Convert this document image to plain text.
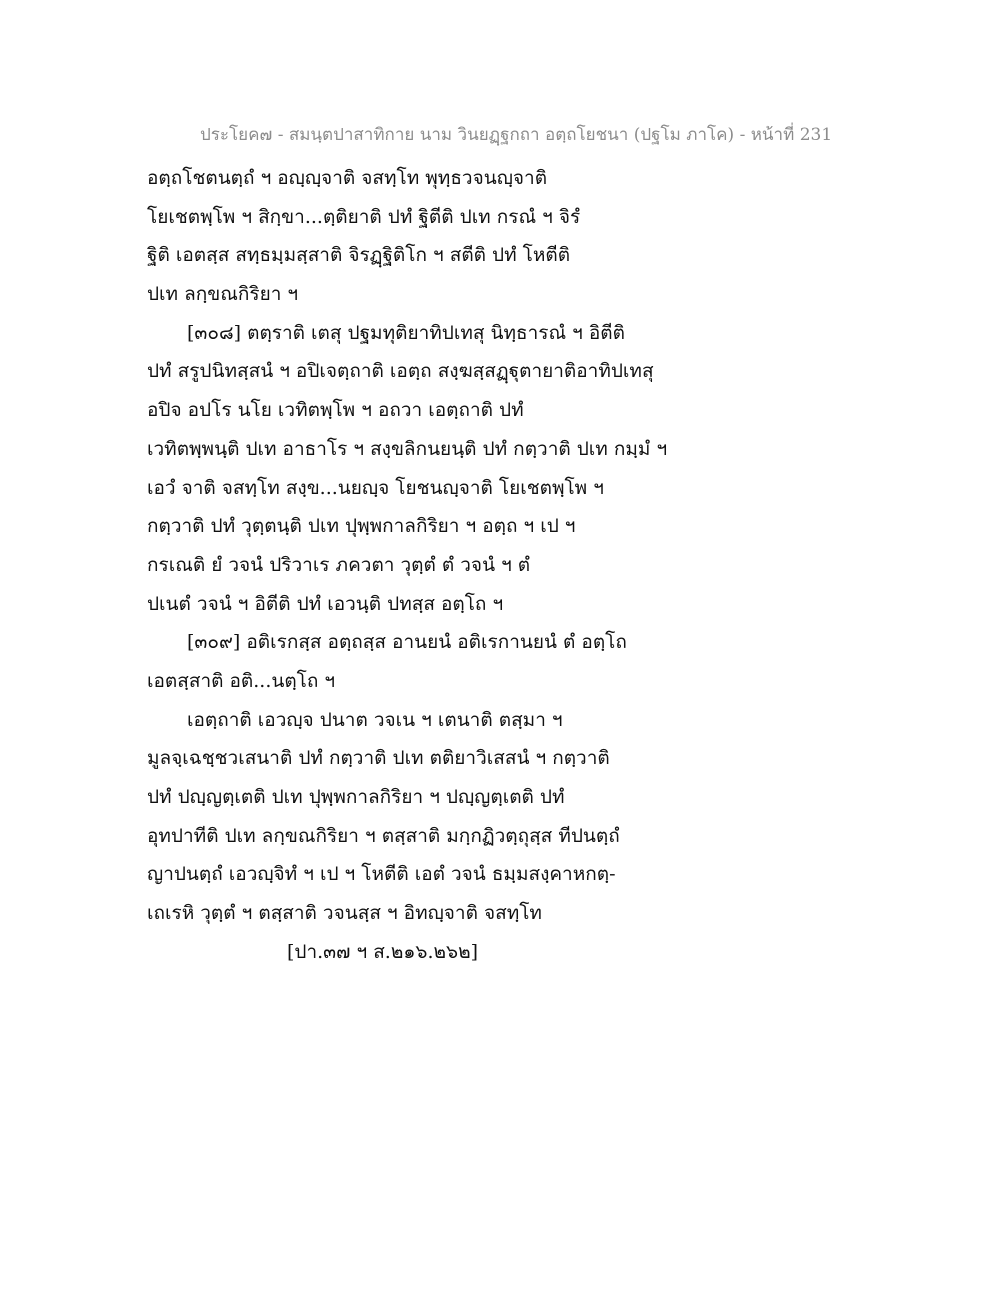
ประโยค๗ - สมนฺตปาสาทิกาย นาม วินยฏฺฐกถา อตฺถโยชนา (ปฐโม ภาโค) - หน้าที่ 231
อตฺถโชตนตฺถํ ฯ อญฺญฺจาติ จสทฺโท พุทฺธวจนญฺจาติ
โยเชตพฺโพ ฯ สิกฺขา...ตฺติยาติ ปทํ ฐิตีติ ปเท กรณํ ฯ จิรํ
ฐิติ เอตสฺส สทฺธมฺมสฺสาติ จิรฏฺฐิติโก ฯ สตีติ ปทํ โหตีติ
ปเท ลกฺขณกิริยา ฯ
[๓๐๘] ตตฺราติ เตสุ ปฐมทุติยาทิปเทสุ นิทฺธารณํ ฯ อิตีติ
ปทํ สรูปนิทสฺสนํ ฯ อปิเจตฺถาติ เอตฺถ สงฺฆสฺสฏฺฐุตายาติอาทิปเทสุ
อปิจ อปโร นโย เวทิตพฺโพ ฯ อถวา เอตฺถาติ ปทํ
เวทิตพฺพนฺติ ปเท อาธาโร ฯ สงฺขลิกนยนฺติ ปทํ กตฺวาติ ปเท กมฺมํ ฯ
เอวํ จาติ จสทฺโท สงฺข...นยญฺจ โยชนญฺจาติ โยเชตพฺโพ ฯ
กตฺวาติ ปทํ วุตฺตนฺติ ปเท ปุพฺพกาลกิริยา ฯ อตฺถ ฯ เป ฯ
กรเณติ ยํ วจนํ ปริวาเร ภควตา วุตฺตํ ตํ วจนํ ฯ ตํ
ปเนตํ วจนํ ฯ อิตีติ ปทํ เอวนฺติ ปทสฺส อตฺโถ ฯ
[๓๐๙] อติเรกสฺส อตฺถสฺส อานยนํ อติเรกานยนํ ตํ อตฺโถ
เอตสฺสาติ อติ...นตฺโถ ฯ
เอตฺถาติ เอวญฺจ ปนาต วจเน ฯ เตนาติ ตสฺมา ฯ
มูลจฺเฉชฺชวเสนาติ ปทํ กตฺวาติ ปเท ตติยาวิเสสนํ ฯ กตฺวาติ
ปทํ ปญฺญตฺเตติ ปเท ปุพฺพกาลกิริยา ฯ ปญฺญตฺเตติ ปทํ
อุทปาทีติ ปเท ลกฺขณกิริยา ฯ ตสฺสาติ มกฺกฏิวตฺถุสฺส ทีปนตฺถํ
ญาปนตฺถํ เอวญฺจิทํ ฯ เป ฯ โหตีติ เอตํ วจนํ ธมฺมสงฺคาหกตฺ-
เถเรหิ วุตฺตํ ฯ ตสฺสาติ วจนสฺส ฯ อิทญฺจาติ จสทฺโท
[ปา.๓๗ ฯ ส.๒๑๖.๒๖๒]
